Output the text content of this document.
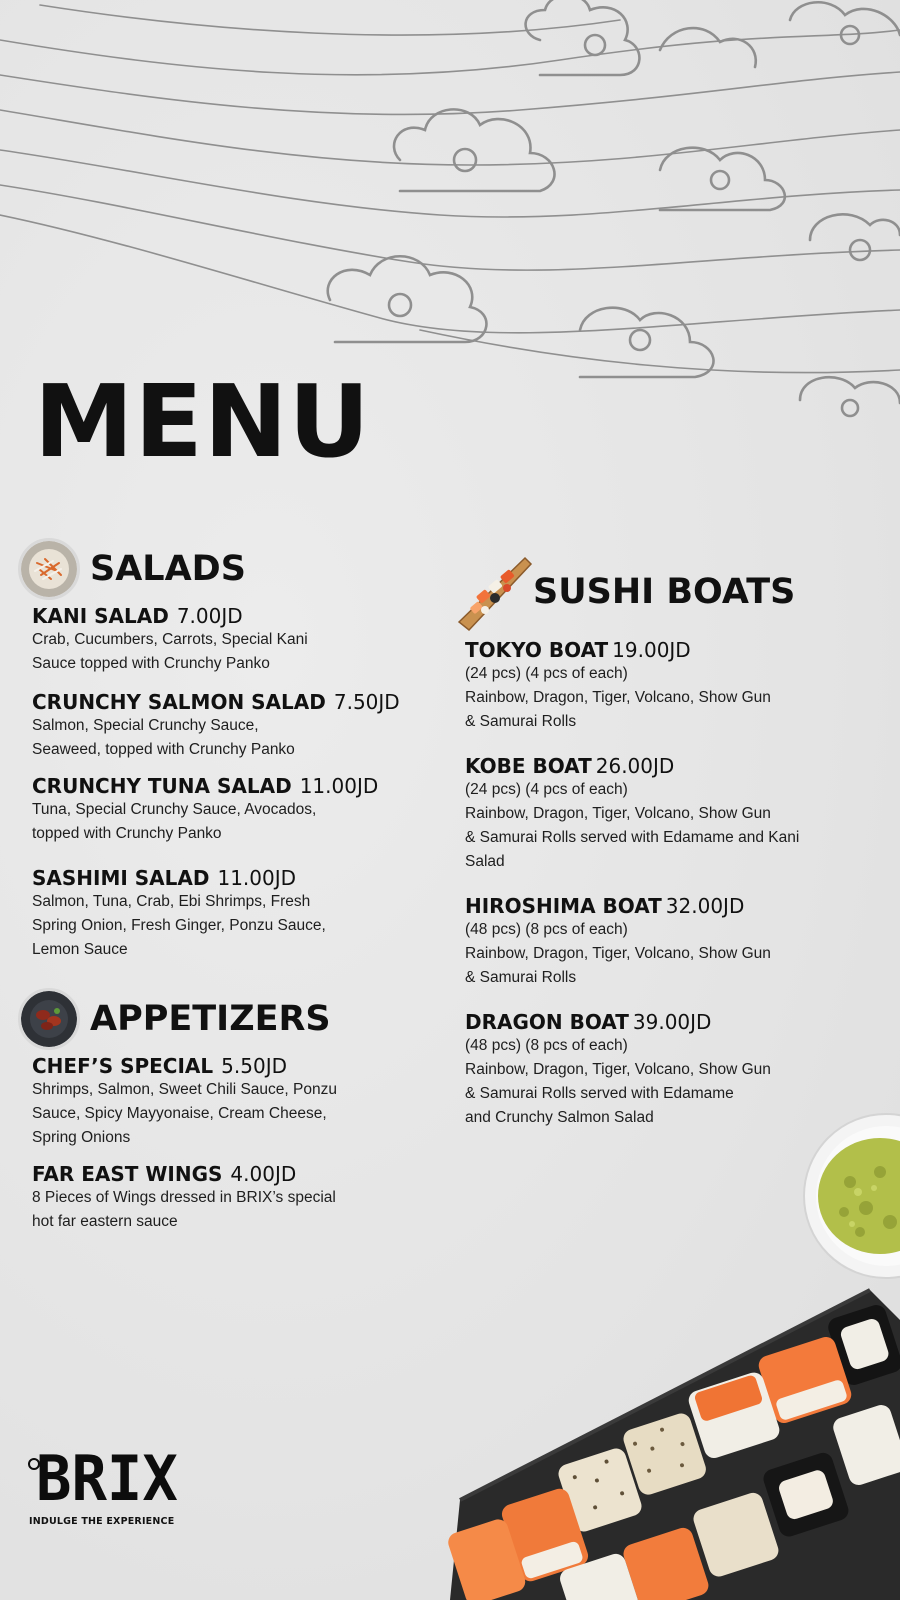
MENU
SALADS
KANI SALAD 7.00JD
Crab, Cucumbers, Carrots, Special Kani
Sauce topped with Crunchy Panko
CRUNCHY SALMON SALAD 7.50JD
Salmon, Special Crunchy Sauce,
Seaweed, topped with Crunchy Panko
CRUNCHY TUNA SALAD 11.00JD
Tuna, Special Crunchy Sauce, Avocados,
topped with Crunchy Panko
SASHIMI SALAD 11.00JD
Salmon, Tuna, Crab, Ebi Shrimps, Fresh
Spring Onion, Fresh Ginger, Ponzu Sauce,
Lemon Sauce
APPETIZERS
CHEF’S SPECIAL 5.50JD
Shrimps, Salmon, Sweet Chili Sauce, Ponzu
Sauce, Spicy Mayyonaise, Cream Cheese,
Spring Onions
FAR EAST WINGS 4.00JD
8 Pieces of Wings dressed in BRIX’s special
hot far eastern sauce
SUSHI BOATS
TOKYO BOAT 19.00JD
(24 pcs) (4 pcs of each)
Rainbow, Dragon, Tiger, Volcano, Show Gun
& Samurai Rolls
KOBE BOAT 26.00JD
(24 pcs) (4 pcs of each)
Rainbow, Dragon, Tiger, Volcano, Show Gun
& Samurai Rolls served with Edamame and Kani
Salad
HIROSHIMA BOAT 32.00JD
(48 pcs) (8 pcs of each)
Rainbow, Dragon, Tiger, Volcano, Show Gun
& Samurai Rolls
DRAGON BOAT 39.00JD
(48 pcs) (8 pcs of each)
Rainbow, Dragon, Tiger, Volcano, Show Gun
& Samurai Rolls served with Edamame
and Crunchy Salmon Salad
BRIX
INDULGE THE EXPERIENCE
